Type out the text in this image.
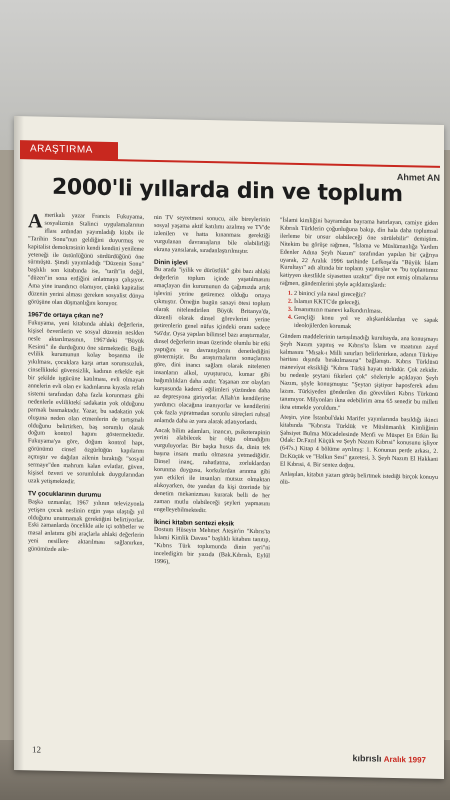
ARAŞTIRMA
Ahmet AN
2000'li yıllarda din ve toplum

Amerikalı yazar Francis Fukuyama, sosyalizmin Stalinci uygulamalarının iflası ardından yayımladığı kitabı ile "Tarihin Sonu"nun geldiğini duyurmuş ve kapitalist demokrasinin kendi kendini yenileme yeteneği ile üstünlüğünü sürdürdüğünü öne sürmüştü. Şimdi yayımladığı "Düzenin Sonu" başlıklı son kitabında ise, "tarih"in değil, "düzen"in sona erdiğini anlatmaya çalışıyor. Ama yine inandırıcı olamıyor, çünkü kapitalist düzenin yerini alması gereken sosyalist dünya görüşüne olan düşmanlığını koruyor.

1967'de ortaya çıkan ne?

Fukuyama, yeni kitabında ahlaki değerlerin, kişisel özverilerin ve sosyal düzenin neslden nesle aktarılmasının, 1967'deki "Büyük Kesinti" ile durduğunu öne sürmektedir. Bağlı evlilik kurumunun kolay boşanma ile yıkılması, çocuklara karşı artan sorumsuzluk, cinselliktekí güvensizlik, kadının erkekle eşit bir şekilde işgücüne katılması, evli olmayan annelerin evli olan ev kadınlarına kıyasla refah sistemi tarafından daha fazla korunması gibi nedenlerle evliliktekí sadakatin yok olduğunu parmak basmaktadır. Yazar, bu sadakatin yok oluşuna neden olan etmenlerin de tartışmalı olduğunu belirtirken, baş sorumlu olarak doğum kontrol hapını göstermektedir. Fukuyama'ya göre, doğum kontrol hapı, görünümü cinsel özgürlüğün kapılarını açmıştır ve dağılan ailenin bıraktığı "sosyal sermaye"den mahrum kalan evlatlar, güven, kişisel özveri ve sorumluluk duygularından uzak yetişmektedir.

TV çocuklarının durumu

Başka uzmanlar, 1967 yılının televizyonla yetişen çocuk neslinin ergin yaşa ulaştığı yıl olduğunu unutmamak gerektiğini belirtiyorlar. Eski zamanlarda öncelikle aile içi sohbetler ve masal anlatımı gibi araçlarla ahlaki değerlerin yeni nesillere aktarılması sağlanırken, günümüzde aile-

nin TV seyretmesi sonucu, aile bireylerinin sosyal yaşama aktif katılımı azalmış ve TV'de izlenilen ve hatta kınanması gerektiği vurgulanan davranışların bile olabilirliği ekrana yansılarak, sıradanlaştırılmıştır.

Dinin işlevi

Bu arada "iyilik ve dürüstlük" gibi bazı ahlaki değerlerin toplum içinde yaşatılmasını amaçlayan din kurumunun da çağımızda artık işlevini yerine getiremez olduğu ortaya çıkmıştır. Örneğin bugün sanayi ötesi toplum olarak nitelendirilen Büyük Britanya'da, düzenli olarak dinsel görevlerini yerine getirenlerin genel nüfus içindeki oranı sadece %6'dır. Oysa yapılan bilimsel bazı araştırmalar, dinsel değerlerin insan üzerinde olumlu bir etki yaptığını ve davranışlarını denetlediğini göstermiştir. Bu araştırmaların sonuçlarına göre, dini inancı sağlam olarak nitelenen insanların alkol, uyuşturucu, kumar gibi bağımlılıkları daha azdır. Yaşanan zor olayları kurşusunda kadercí eğilimleri yüzünden daha az depresyona giriyorlar. Allah'ın kendilerine yardımcı olacağına inanıyorlar ve kendilerini çok fazla yıpratmadan sorunlu süreçleri ruhsal anlamda daha az yara alarak atlatıyorlardı.

Ancak bilim adamları, inancın, psikoterapinin yerini alabilecek bir olgu olmadığını vurguluyorlar. Bir başka husus da, dinin tek başına insanı mutlu olmasına yetmediğidir. Dinsel inanç, rahatlatma, zorluklardan korunma duygusu, korkulardan arınma gibi yan etkileri ile insanları mutsuz olmaktan alıkoyarken, öte yandan da kişi üzerinde bir denetim mekanizması kurarak belli de her zaman mutlu olabileceği şeyleri yapmasını engelleyebilmektedir.

İkinci kitabın sentezi eksik

Dostum Hüseyin Mehmet Ateşin'in "Kıbrıs'ta İslami Kimlik Davası" başlıklı kitabını tanıtıp, "Kıbrıs Türk toplumunda dinin yeri"ni inceledigim bir yazıda (Bak.Kıbrıslı, Eylül 1996),

"İslami kimliğini bayramdan bayrama hatırlayan, camiye giden Kıbrıslı Türklerin çoğunluğuna bakıp, din hala daha toplumsal ilerleme bir unsur olabileceği öne sürülebilir" demiştim. Nitekim bu görüşe rağmen, "İslama ve Müslümanlığa Yardım Edenler Adına Şeyh Nazım" tarafından yapılan bir çağrıya uyarak, 22 Aralık 1996 tarihinde Lefkoşa'da "Büyük İslam Kurultayı" adı altında bir toplantı yapmışlar ve "bu toplantımız katiyyen ıkestlikle siyasetten uzaktır" diye not etmiş olmalarına rağmen, gündemlerini şöyle açıklamışlardı:

1. 2 binincí yıla nasıl gireceğiz?
2. İslamın KKTC'de geleceği.
3. İnsanımızın manevi kalkındırılması.
4. Gençliği konu yol ve alışkanlıklardan ve sapak ideolojilerden korumak

Gündem maddelerinin tartışılmadığı kurultayda, ana konuşmayı Şeyh Nazım yapmış ve Kıbrıs'ta İslam ve maatının zayıf kalmasını "Mısak-ı Milli sınırları belirlenirken, adanın Türkiye haritası dışında bırakılmasına" bağlanıştı. Kıbrıs Türklüsü manevíyat eksikliği "Kıbrıs Türkü hayatı türlüdür. Çok zekidir. bu nedenle şeytani fikirleri çok" sözleriyle açıklayan Şeyh Nazım, şöyle konuşmuştu: "Şeytan şiştiyor haposferek adını lazım. Türkiyeden gönderilen din görevlileri Kıbrıs Türkünü tanımıyor. Milyonları ikna edebilirim ama 65 senedir bu milleti ikna etmekle yoruldum."

Ateşin, yine İstanbul'daki Marifet yayınlarında basıldığı ikinci kitabında "Kıbrısta Türklük ve Müslümanlık Kimliğinin Şahsiyet Bulma Mücadelesinde Menfi ve Müspet En Etkin İki Odak: Dr.Fazıl Küçük ve Şeyh Nazım Kıbrısi" konusunu işliyor (647s.) Kitap 4 bölüme ayrılmış: 1. Konunun perde arkası, 2. Dr.Küçük ve "Halkın Sesi" gazetesi, 3. Şeyh Nazım El Hakkani El Kıbrısi, 4. Bir sentez doğru.

Anlaşılan, kitabın yazarı görüş belirtmek istediği birçok konuyu ölü-

12
kıbrıslı Aralık 1997
